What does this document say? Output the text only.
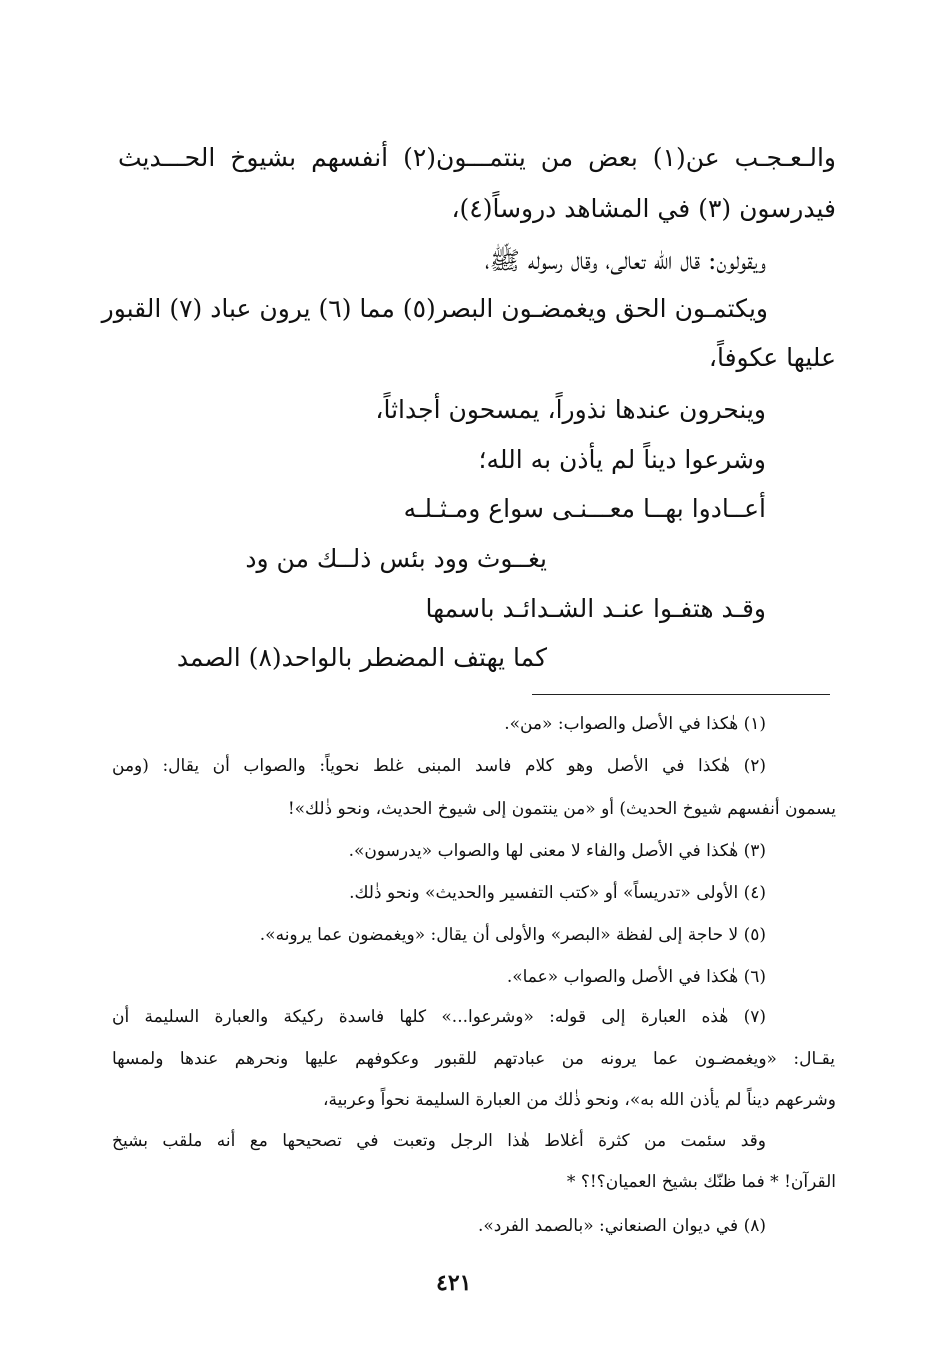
والـعـجـب عن(١) بعض من ينتمـــون(٢) أنفسهم بشيوخ الحـــديث
فيدرسون (٣) في المشاهد دروساً(٤)،
ويقولون: قال الله تعالى، وقال رسوله ﷺ،
ويكتمـون الحق ويغمضـون البصر(٥) مما (٦) يرون عباد (٧) القبور
عليها عكوفاً،
وينحرون عندها نذوراً، يمسحون أجداثاً،
وشرعوا ديناً لم يأذن به الله؛
أعــادوا بهــا معـــنـى سواع ومـثـلـه
يغــوث وود بئس ذلــك من ود
وقـد هتفـوا عنـد الشـدائـد باسمها
كما يهتف المضطر بالواحد(٨) الصمد
(١) هٰكذا في الأصل والصواب: «من».
(٢) هٰكذا في الأصل وهو كلام فاسد المبنى غلط نحوياً: والصواب أن يقال: (ومن
يسمون أنفسهم شيوخ الحديث) أو «من ينتمون إلى شيوخ الحديث، ونحو ذٰلك»!
(٣) هٰكذا في الأصل والفاء لا معنى لها والصواب «يدرسون».
(٤) الأولى «تدريساً» أو «كتب التفسير والحديث» ونحو ذٰلك.
(٥) لا حاجة إلى لفظة «البصر» والأولى أن يقال: «ويغمضون عما يرونه».
(٦) هٰكذا في الأصل والصواب «عما».
(٧) هٰذه العبارة إلى قوله: «وشرعوا...» كلها فاسدة ركيكة والعبارة السليمة أن
يقـال: «ويغمضـون عما يرونه من عبادتهم للقبور وعكوفهم عليها ونحرهم عندها ولمسها
وشرعهم ديناً لم يأذن الله به»، ونحو ذٰلك من العبارة السليمة نحواً وعربية،
وقد سئمت من كثرة أغلاط هٰذا الرجل وتعبت في تصحيحها مع أنه ملقب بشيخ
القرآن! * فما ظنّك بشيخ العميان؟!؟ *
(٨) في ديوان الصنعاني: «بالصمد الفرد».
٤٢١
